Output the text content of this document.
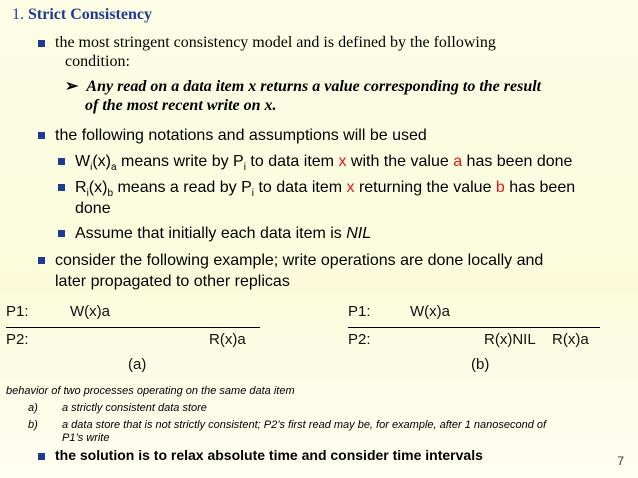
1. Strict Consistency
the most stringent consistency model and is defined by the following
condition:
➢ Any read on a data item x returns a value corresponding to the result
of the most recent write on x.
the following notations and assumptions will be used
$W_i(x)_a$ means write by $P_i$ to data item x with the value a has been done
$R_i(x)_b$ means a read by $P_i$ to data item x returning the value b has been
done
Assume that initially each data item is NIL
consider the following example; write operations are done locally and
later propagated to other replicas
P1:	W(x)a
P2:	R(x)a
(a)
P1:	W(x)a
P2:	R(x)NIL R(x)a
(b)
behavior of two processes operating on the same data item
a) a strictly consistent data store
b) a data store that is not strictly consistent; P2’s first read may be, for example, after 1 nanosecond of
P1’s write
the solution is to relax absolute time and consider time intervals	7
